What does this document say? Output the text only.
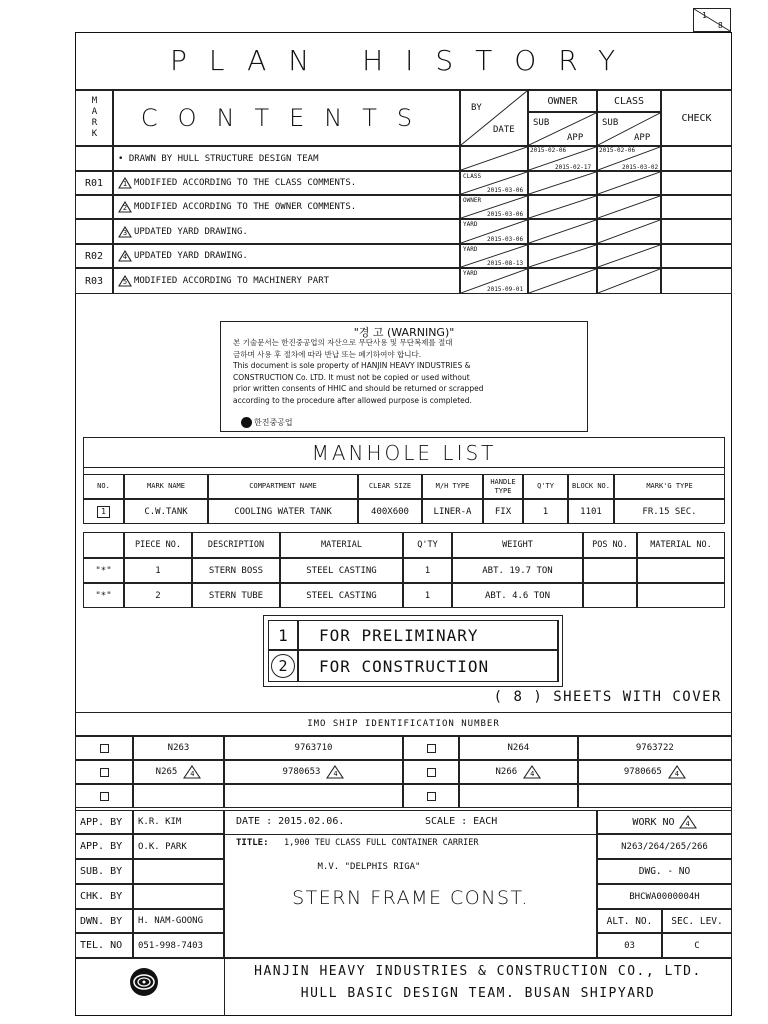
1
8
PLAN HISTORY
MARK	CONTENTS	BY
DATE
OWNER	CLASS
SUB
APP
SUB
APP
CHECK
"경 고 (WARNING)"
본 기술문서는 한진중공업의 자산으로 무단사용 및 무단복제를 절대
금하며 사용 후 절차에 따라 반납 또는 폐기하여야 합니다.
This document is sole property of HANJIN HEAVY INDUSTRIES &
CONSTRUCTION Co. LTD. It must not be copied or used without
prior written consents of HHIC and should be returned or scrapped
according to the procedure after allowed purpose is completed.
한진중공업
MANHOLE LIST
NO.	MARK NAME	COMPARTMENT NAME	CLEAR SIZE	M/H TYPE
HANDLE TYPE
Q'TY	BLOCK NO.	MARK'G TYPE
1	C.W.TANK	COOLING WATER TANK	400X600	LINER-A	FIX	1	1101	FR.15 SEC.
PIECE NO.	DESCRIPTION	MATERIAL	Q'TY	WEIGHT	POS NO.	MATERIAL NO.
"*"	1	STERN BOSS	STEEL CASTING	1	ABT. 19.7 TON
"*"	2	STERN TUBE	STEEL CASTING	1	ABT. 4.6 TON
1	FOR PRELIMINARY
2	FOR CONSTRUCTION
( 8 ) SHEETS WITH COVER
IMO SHIP IDENTIFICATION NUMBER
N263	9763710	N264	9763722
N265 4	9780653 4	N266 4	9780665 4
APP. BY	K.R. KIM
APP. BY	O.K. PARK
SUB. BY
CHK. BY
DWN. BY	H. NAM-GOONG
TEL. NO	051-998-7403
DATE : 2015.02.06.	SCALE : EACH
TITLE: 1,900 TEU CLASS FULL CONTAINER CARRIER
M.V. "DELPHIS RIGA"
STERN FRAME CONST.
WORK NO 4
N263/264/265/266
DWG. - NO
BHCWA0000004H
ALT. NO.	SEC. LEV.
03	C
HANJIN HEAVY INDUSTRIES & CONSTRUCTION CO., LTD.
HULL BASIC DESIGN TEAM. BUSAN SHIPYARD
• DRAWN BY HULL STRUCTURE DESIGN TEAM
2015-02-06
2015-02-17
2015-02-06
2015-03-02
R01	1 MODIFIED ACCORDING TO THE CLASS COMMENTS.
CLASS
2015-03-06
2 MODIFIED ACCORDING TO THE OWNER COMMENTS.
OWNER
2015-03-06
3 UPDATED YARD DRAWING.
YARD
2015-03-06
R02	4 UPDATED YARD DRAWING.
YARD
2015-08-13
R03	5 MODIFIED ACCORDING TO MACHINERY PART
YARD
2015-09-01
